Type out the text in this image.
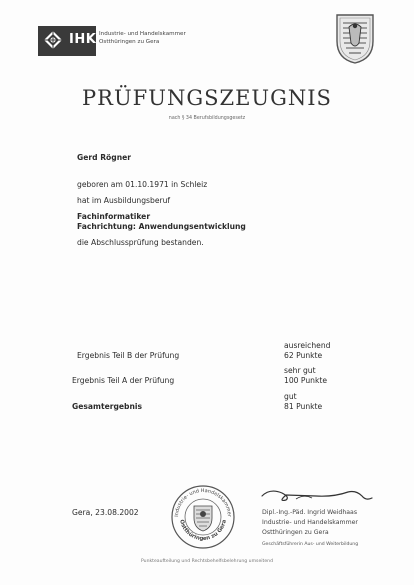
IHK Industrie- und Handelskammer
Ostthüringen zu Gera
PRÜFUNGSZEUGNIS
nach § 34 Berufsbildungsgesetz
Gerd Rögner
geboren am 01.10.1971 in Schleiz
hat im Ausbildungsberuf
Fachinformatiker
Fachrichtung: Anwendungsentwicklung
die Abschlussprüfung bestanden.
Ergebnis Teil B der Prüfung
ausreichend
62 Punkte
Ergebnis Teil A der Prüfung
sehr gut
100 Punkte
Gesamtergebnis
gut
81 Punkte
Gera, 23.08.2002	Industrie- und Handelskammer
Ostthüringen zu Gera
Dipl.-Ing.-Päd. Ingrid Weidhaas
Industrie- und Handelskammer
Ostthüringen zu Gera
Geschäftsführerin Aus- und Weiterbildung
Punkteaufteilung und Rechtsbehelfsbelehrung umseitend
